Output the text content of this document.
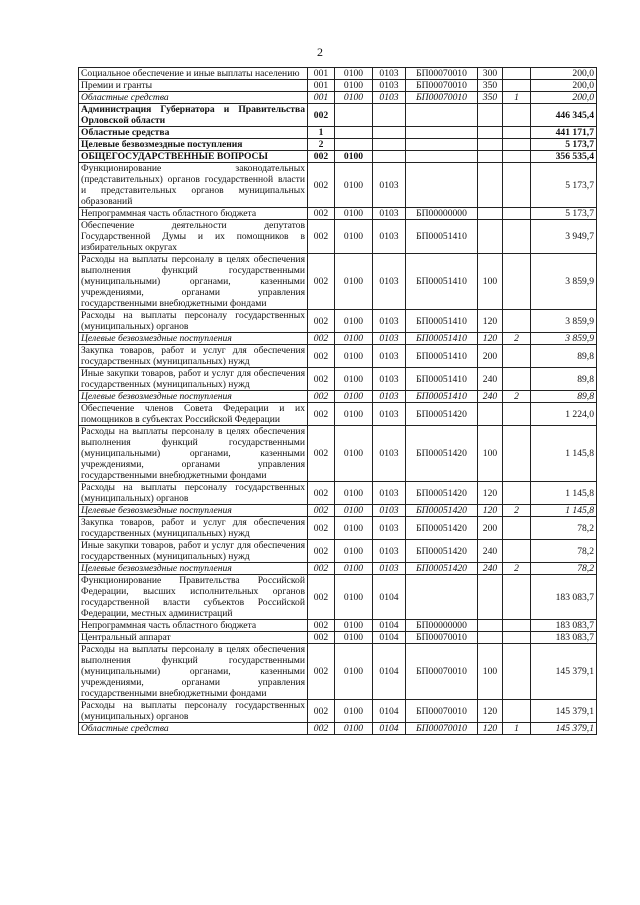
2
Социальное обеспечение и иные выплаты населению	001	0100	0103	БП00070010	300		200,0
Премии и гранты	001	0100	0103	БП00070010	350		200,0
Областные средства	001	0100	0103	БП00070010	350	1	200,0
Администрация Губернатора и Правительства Орловской области	002						446 345,4
Областные средства	1						441 171,7
Целевые безвозмездные поступления	2						5 173,7
ОБЩЕГОСУДАРСТВЕННЫЕ ВОПРОСЫ	002	0100					356 535,4
Функционирование законодательных (представительных) органов государственной власти и представительных органов муниципальных образований	002	0100	0103				5 173,7
Непрограммная часть областного бюджета	002	0100	0103	БП00000000			5 173,7
Обеспечение деятельности депутатов Государственной Думы и их помощников в избирательных округах	002	0100	0103	БП00051410			3 949,7
Расходы на выплаты персоналу в целях обеспечения выполнения функций государственными (муниципальными) органами, казенными учреждениями, органами управления государственными внебюджетными фондами	002	0100	0103	БП00051410	100		3 859,9
Расходы на выплаты персоналу государственных (муниципальных) органов	002	0100	0103	БП00051410	120		3 859,9
Целевые безвозмездные поступления	002	0100	0103	БП00051410	120	2	3 859,9
Закупка товаров, работ и услуг для обеспечения государственных (муниципальных) нужд	002	0100	0103	БП00051410	200		89,8
Иные закупки товаров, работ и услуг для обеспечения государственных (муниципальных) нужд	002	0100	0103	БП00051410	240		89,8
Целевые безвозмездные поступления	002	0100	0103	БП00051410	240	2	89,8
Обеспечение членов Совета Федерации и их помощников в субъектах Российской Федерации	002	0100	0103	БП00051420			1 224,0
Расходы на выплаты персоналу в целях обеспечения выполнения функций государственными (муниципальными) органами, казенными учреждениями, органами управления государственными внебюджетными фондами	002	0100	0103	БП00051420	100		1 145,8
Расходы на выплаты персоналу государственных (муниципальных) органов	002	0100	0103	БП00051420	120		1 145,8
Целевые безвозмездные поступления	002	0100	0103	БП00051420	120	2	1 145,8
Закупка товаров, работ и услуг для обеспечения государственных (муниципальных) нужд	002	0100	0103	БП00051420	200		78,2
Иные закупки товаров, работ и услуг для обеспечения государственных (муниципальных) нужд	002	0100	0103	БП00051420	240		78,2
Целевые безвозмездные поступления	002	0100	0103	БП00051420	240	2	78,2
Функционирование Правительства Российской Федерации, высших исполнительных органов государственной власти субъектов Российской Федерации, местных администраций	002	0100	0104				183 083,7
Непрограммная часть областного бюджета	002	0100	0104	БП00000000			183 083,7
Центральный аппарат	002	0100	0104	БП00070010			183 083,7
Расходы на выплаты персоналу в целях обеспечения выполнения функций государственными (муниципальными) органами, казенными учреждениями, органами управления государственными внебюджетными фондами	002	0100	0104	БП00070010	100		145 379,1
Расходы на выплаты персоналу государственных (муниципальных) органов	002	0100	0104	БП00070010	120		145 379,1
Областные средства	002	0100	0104	БП00070010	120	1	145 379,1
